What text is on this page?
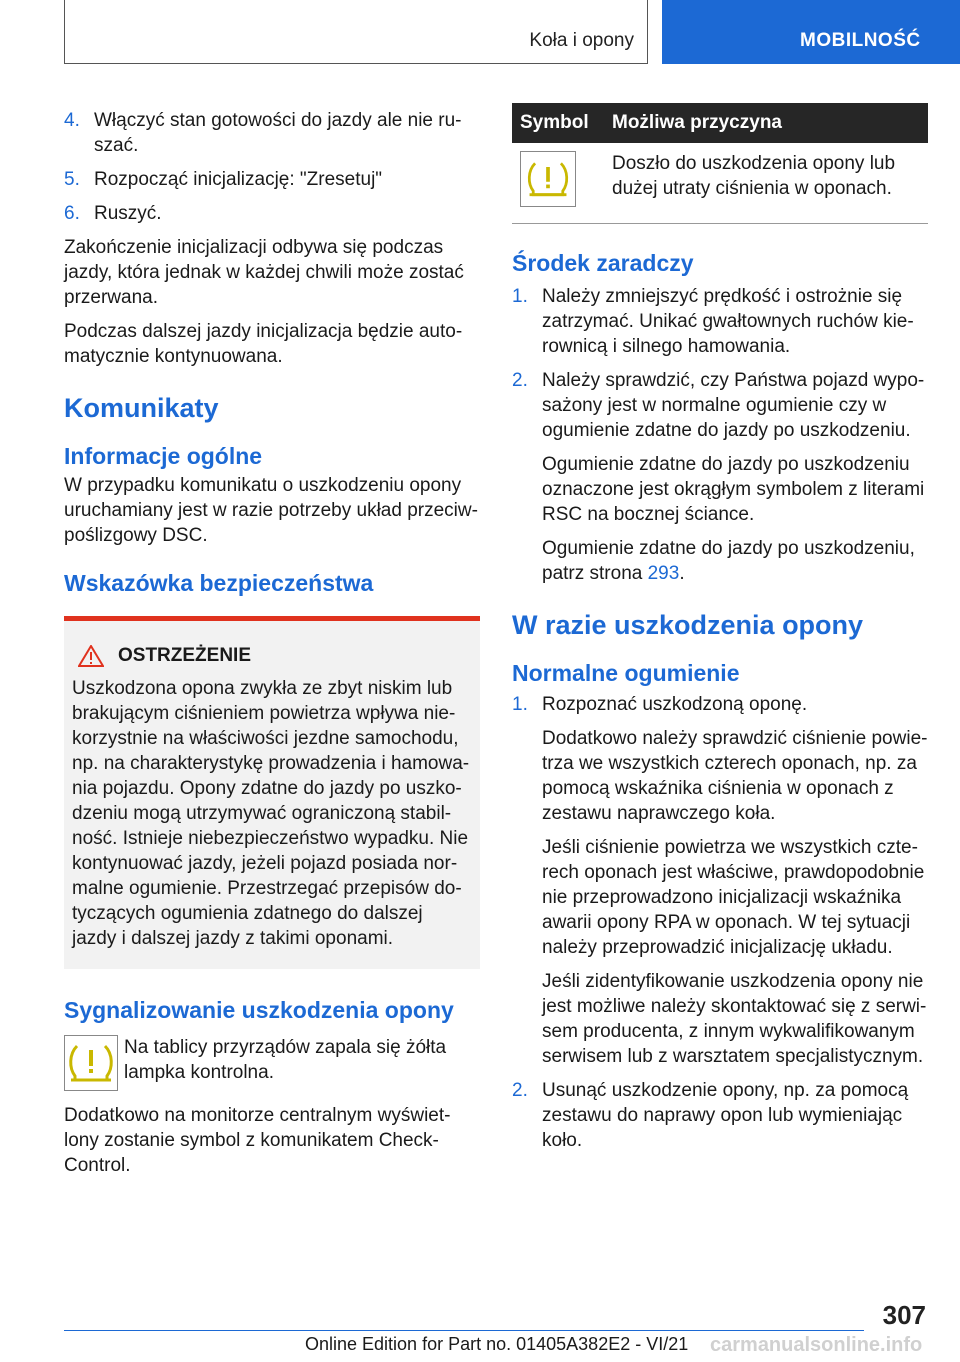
Koła i opony	MOBILNOŚĆ
4. Włączyć stan gotowości do jazdy ale nie ru-
szać.

5. Rozpocząć inicjalizację: "Zresetuj"

6. Ruszyć.

Zakończenie inicjalizacji odbywa się podczas jazdy, która jednak w każdej chwili może zostać przerwana.

Podczas dalszej jazdy inicjalizacja będzie auto-matycznie kontynuowana.

Komunikaty
Informacje ogólne

W przypadku komunikatu o uszkodzeniu opony uruchamiany jest w razie potrzeby układ przeciw-poślizgowy DSC.

Wskazówka bezpieczeństwa
OSTRZEŻENIE

Uszkodzona opona zwykła ze zbyt niskim lub brakującym ciśnieniem powietrza wpływa nie-korzystnie na właściwości jezdne samochodu, np. na charakterystykę prowadzenia i hamowa-nia pojazdu. Opony zdatne do jazdy po uszko-dzeniu mogą utrzymywać ograniczoną stabil-ność. Istnieje niebezpieczeństwo wypadku. Nie kontynuować jazdy, jeżeli pojazd posiada nor-malne ogumienie. Przestrzegać przepisów do-tyczących ogumienia zdatnego do dalszej jazdy i dalszej jazdy z takimi oponami.

Sygnalizowanie uszkodzenia opony

Na tablicy przyrządów zapala się żółta lampka kontrolna.

Dodatkowo na monitorze centralnym wyświet-lony zostanie symbol z komunikatem Check-Control.

Symbol	Możliwa przyczyna

	Doszło do uszkodzenia opony lub dużej utraty ciśnienia w oponach.
Środek zaradczy
1. Należy zmniejszyć prędkość i ostrożnie się zatrzymać. Unikać gwałtownych ruchów kie-rownicą i silnego hamowania.

2. Należy sprawdzić, czy Państwa pojazd wypo-sażony jest w normalne ogumienie czy w ogumienie zdatne do jazdy po uszkodzeniu.

Ogumienie zdatne do jazdy po uszkodzeniu oznaczone jest okrągłym symbolem z literami RSC na bocznej ściance.

Ogumienie zdatne do jazdy po uszkodzeniu, patrz strona 293.

W razie uszkodzenia opony
Normalne ogumienie
1. Rozpoznać uszkodzoną oponę.

Dodatkowo należy sprawdzić ciśnienie powie-trza we wszystkich czterech oponach, np. za pomocą wskaźnika ciśnienia w oponach z zestawu naprawczego koła.

Jeśli ciśnienie powietrza we wszystkich czte-rech oponach jest właściwe, prawdopodobnie nie przeprowadzono inicjalizacji wskaźnika awarii opony RPA w oponach. W tej sytuacji należy przeprowadzić inicjalizację układu.

Jeśli zidentyfikowanie uszkodzenia opony nie jest możliwe należy skontaktować się z serwi-sem producenta, z innym wykwalifikowanym serwisem lub z warsztatem specjalistycznym.

2. Usunąć uszkodzenie opony, np. za pomocą zestawu do naprawy opon lub wymieniając koło.

307
Online Edition for Part no. 01405A382E2 - VI/21 carmanualsonline.info
